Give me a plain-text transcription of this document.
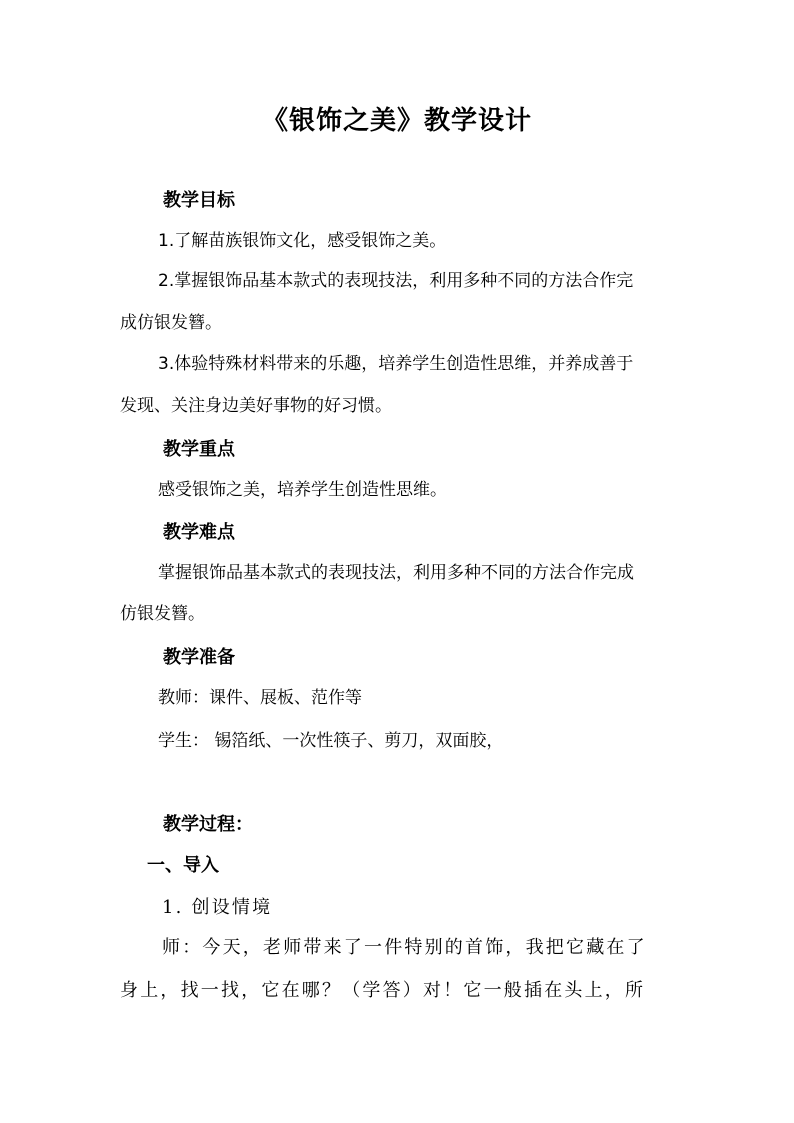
《银饰之美》教学设计
教学目标
1.了解苗族银饰文化，感受银饰之美。
2.掌握银饰品基本款式的表现技法，利用多种不同的方法合作完
成仿银发簪。
3.体验特殊材料带来的乐趣，培养学生创造性思维，并养成善于
发现、关注身边美好事物的好习惯。
教学重点
感受银饰之美，培养学生创造性思维。
教学难点
掌握银饰品基本款式的表现技法，利用多种不同的方法合作完成
仿银发簪。
教学准备
教师：课件、展板、范作等
学生： 锡箔纸、一次性筷子、剪刀，双面胶，
教学过程：
一、导入
1. 创设情境
师：今天，老师带来了一件特别的首饰，我把它藏在了
身上，找一找，它在哪？（学答）对！它一般插在头上，所
